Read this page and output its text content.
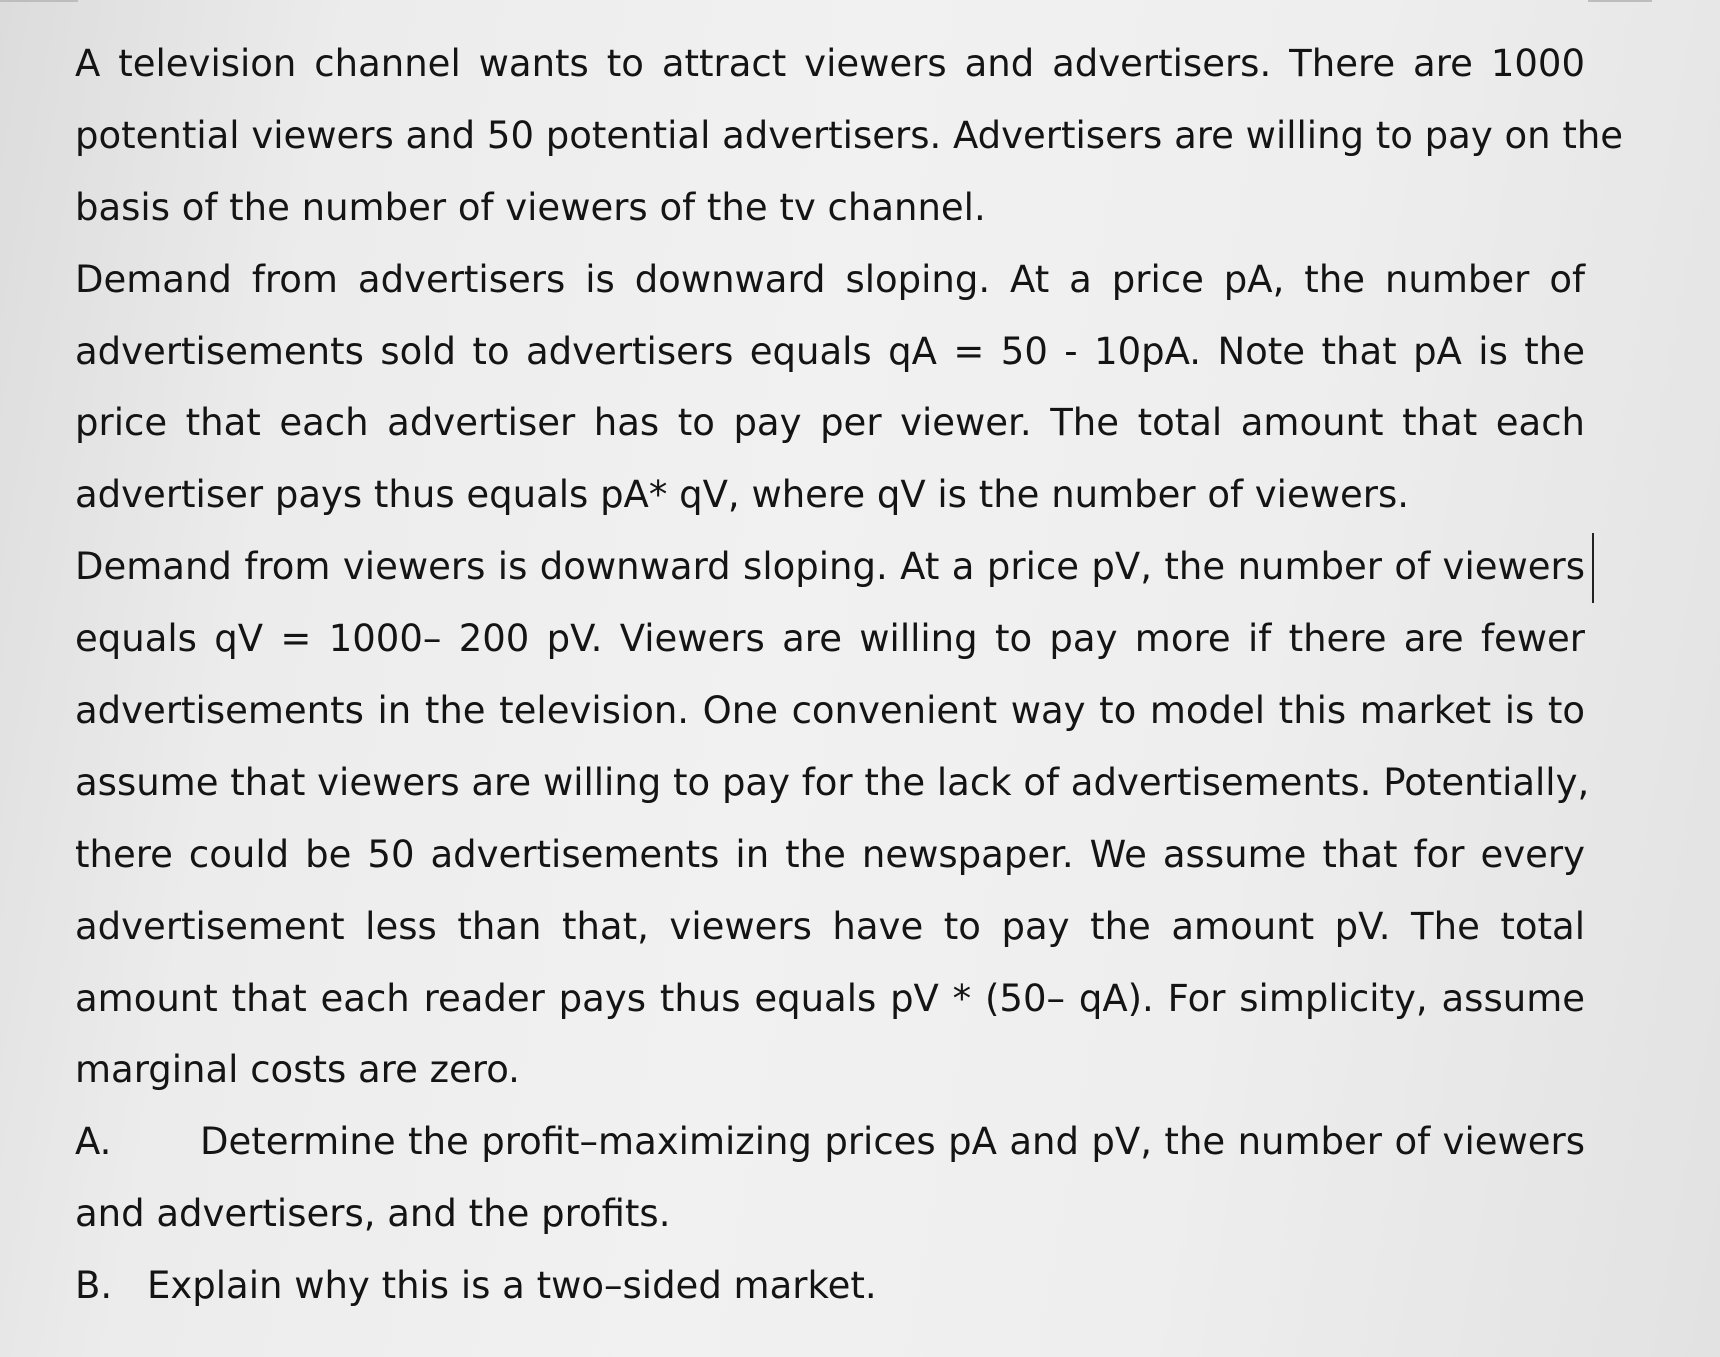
A television channel wants to attract viewers and advertisers. There are 1000
potential viewers and 50 potential advertisers. Advertisers are willing to pay on the
basis of the number of viewers of the tv channel.
Demand from advertisers is downward sloping. At a price pA, the number of
advertisements sold to advertisers equals qA = 50 - 10pA. Note that pA is the
price that each advertiser has to pay per viewer. The total amount that each
advertiser pays thus equals pA* qV, where qV is the number of viewers.
Demand from viewers is downward sloping. At a price pV, the number of viewers
equals qV = 1000– 200 pV. Viewers are willing to pay more if there are fewer
advertisements in the television. One convenient way to model this market is to
assume that viewers are willing to pay for the lack of advertisements. Potentially,
there could be 50 advertisements in the newspaper. We assume that for every
advertisement less than that, viewers have to pay the amount pV. The total
amount that each reader pays thus equals pV * (50– qA). For simplicity, assume
marginal costs are zero.
A.	Determine the profit–maximizing prices pA and pV, the number of viewers
and advertisers, and the profits.
B. Explain why this is a two–sided market.
